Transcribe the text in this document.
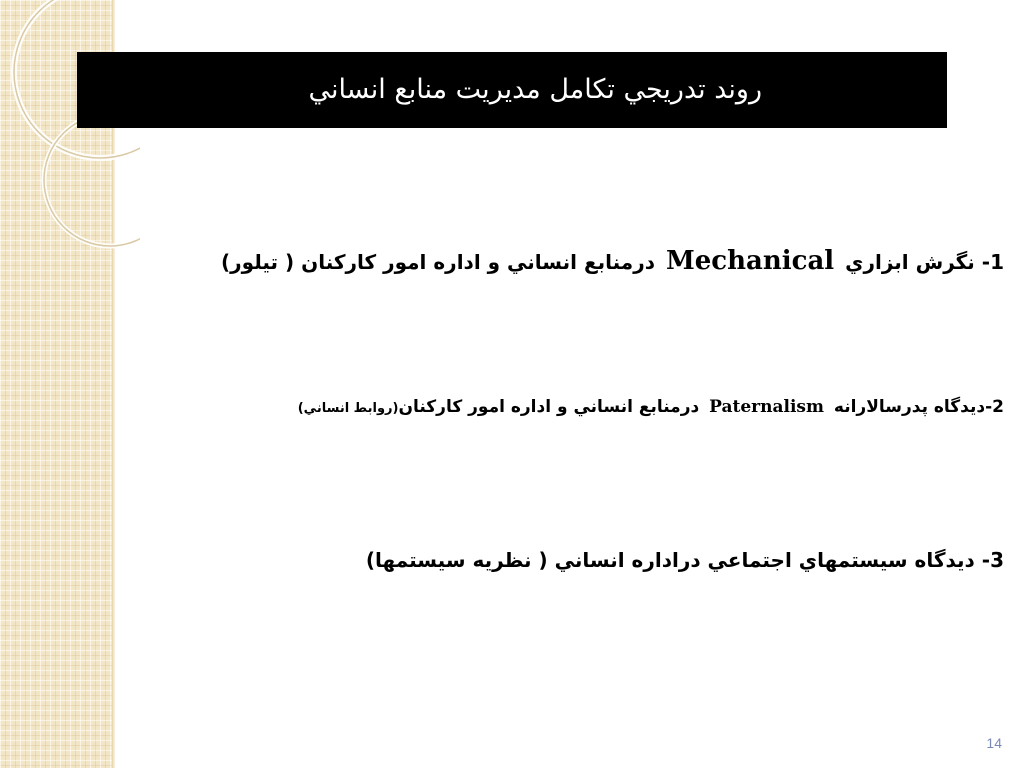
روند تدريجي تكامل مديريت منابع انساني
1- نگرش ابزاري Mechanical درمنابع انساني و اداره امور كاركنان ( تيلور)
2-ديدگاه پدرسالارانه Paternalism درمنابع انساني و اداره امور كاركنان(روابط انساني)
3- ديدگاه سيستمهاي اجتماعي دراداره انساني ( نظريه سيستمها)
14
